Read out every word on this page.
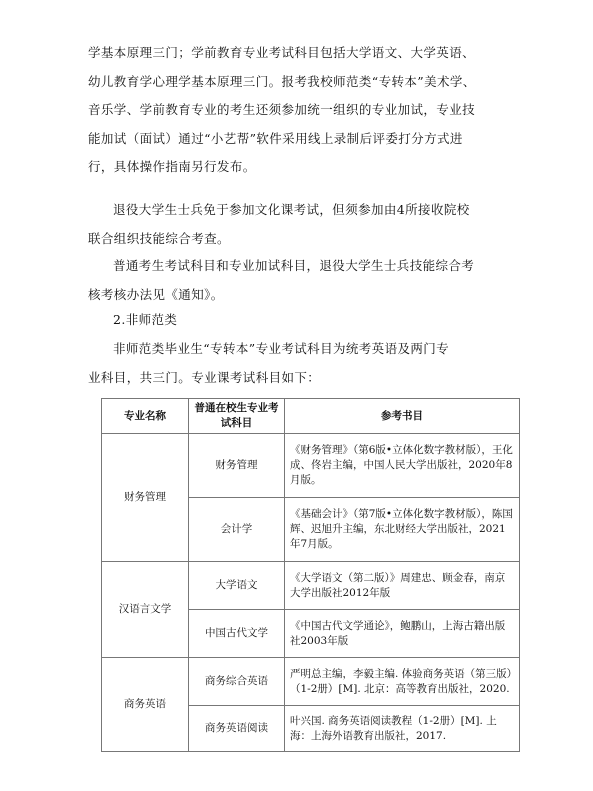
学基本原理三门；学前教育专业考试科目包括大学语文、大学英语、
幼儿教育学心理学基本原理三门。报考我校师范类“专转本”美术学、
音乐学、学前教育专业的考生还须参加统一组织的专业加试，专业技
能加试（面试）通过“小艺帮”软件采用线上录制后评委打分方式进
行，具体操作指南另行发布。
退役大学生士兵免于参加文化课考试，但须参加由4所接收院校
联合组织技能综合考查。
普通考生考试科目和专业加试科目，退役大学生士兵技能综合考
核考核办法见《通知》。
2.非师范类
非师范类毕业生“专转本”专业考试科目为统考英语及两门专
业科目，共三门。专业课考试科目如下：
专业名称	普通在校生专业考试科目	参考书目
财务管理	财务管理	《财务管理》（第6版•立体化数字教材版），王化成、佟岩主编，中国人民大学出版社，2020年8月版。
	会计学	《基础会计》（第7版•立体化数字教材版），陈国辉、迟旭升主编，东北财经大学出版社，2021年7月版。
汉语言文学	大学语文	《大学语文（第二版）》周建忠、顾金春，南京大学出版社2012年版
	中国古代文学	《中国古代文学通论》，鲍鹏山，上海古籍出版社2003年版
商务英语	商务综合英语	严明总主编，李毅主编. 体验商务英语（第三版）（1-2册）[M]. 北京：高等教育出版社，2020.
	商务英语阅读	叶兴国. 商务英语阅读教程（1-2册）[M]. 上海：上海外语教育出版社，2017.
